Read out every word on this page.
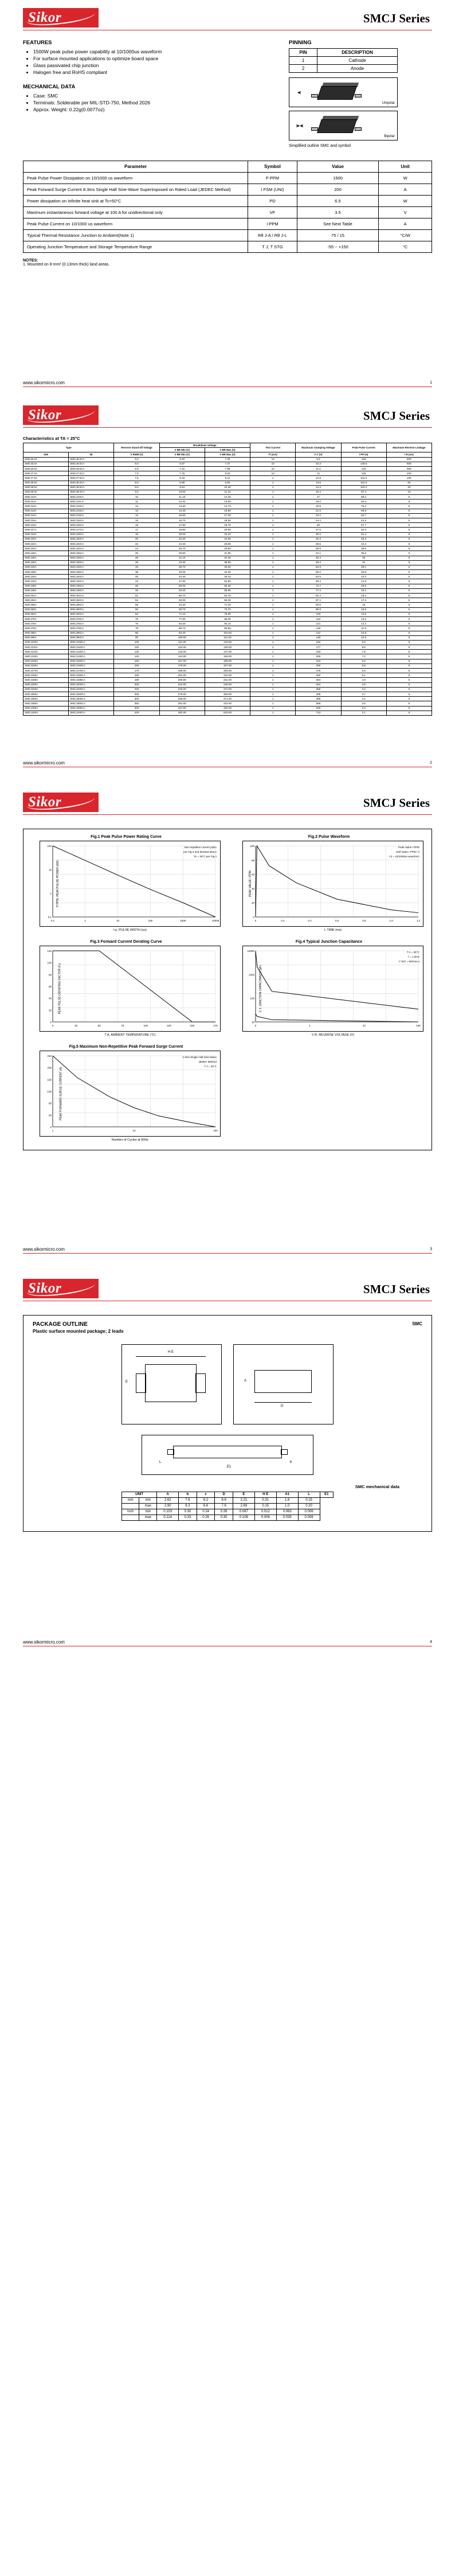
Sikor	SMCJ Series
FEATURES
• 1500W peak pulse power capability at 10/1000us waveform
• For surface mounted applications to optimize board space
• Glass passivated chip junction
• Halogen free and RoHS compliant
MECHANICAL DATA
• Case: SMC
• Terminals: Solderable per MIL-STD-750, Method 2026
• Approx. Weight: 0.22g(0.0077oz)
PINNING
PIN	DESCRIPTION
1	Cathode
2	Anode
◀|
Unipolar
|▶◀|
Bipolar
Simplified outline SMC and symbol
Parameter	Symbol	Value	Unit
Peak Pulse Power Dissipation on 10/1000 us waveform	P PPM	1500	W
Peak Forward Surge Current 8.3ms Single Half Sine-Wave Superimposed on Rated Load (JEDEC Method)	I FSM (UNI)	200	A
Power dissipation on Infinite heat sink at Tc=50°C	PD	6.5	W
Maximum instantaneous forward voltage at 100 A for unidirectional only	VF	3.5	V
Peak Pulse Current on 10/1000 us waveform	I PPM	See Next Table	A
Typical Thermal Resistance Junction to Ambient(Note 1)	Rθ J-A / Rθ J-L	75 / 15	°C/W
Operating Junction Temperature and Storage Temperature Range	T J, T STG	-55 ~ +150	°C
NOTES:
1. Mounted on 8 mm² (0.13mm thick) land areas.
www.sikormicro.com	1
Sikor	SMCJ Series
Characteristics at TA = 25°C
Type		Reverse Stand-off Voltage	Breakdown Voltage		Test Current	Maximum Clamping Voltage	Peak Pulse Current	Maximum Reverse Leakage
			V BR Min (V)	V BR Max (V)				
UNI	BI	V RWM (V)	V BR Min (V)	V BR Max (V)	IT (mA)	V C (V)	I PP (A)	I R (uA)
SMCJ5.0A	SMCJ5.0CA	5.0	6.40	7.25	10	9.2	163	800
SMCJ6.0A	SMCJ6.0CA	6.0	6.67	7.37	10	10.3	145.6	800
SMCJ6.5A	SMCJ6.5CA	6.5	7.22	7.98	10	11.2	134	500
SMCJ7.0A	SMCJ7.0CA	7.0	7.78	8.60	10	12	125	200
SMCJ7.5A	SMCJ7.5CA	7.5	8.33	9.21	1	12.9	116.3	100
SMCJ8.0A	SMCJ8.0CA	8.0	8.89	9.83	1	13.6	110.3	50
SMCJ8.5A	SMCJ8.5CA	8.5	9.44	10.40	1	14.4	104.2	20
SMCJ9.0A	SMCJ9.0CA	9.0	10.00	11.10	1	15.4	97.4	10
SMCJ10A	SMCJ10CA	10	11.10	12.30	1	17	88.2	5
SMCJ11A	SMCJ11CA	11	12.20	13.50	1	18.2	82.4	5
SMCJ12A	SMCJ12CA	12	13.30	14.70	1	19.9	75.4	5
SMCJ13A	SMCJ13CA	13	14.40	15.90	1	21.5	69.8	5
SMCJ14A	SMCJ14CA	14	15.60	17.20	1	23.2	64.7	5
SMCJ15A	SMCJ15CA	15	16.70	18.50	1	24.4	61.5	5
SMCJ16A	SMCJ16CA	16	17.80	19.70	1	26	57.7	5
SMCJ17A	SMCJ17CA	17	18.90	20.90	1	27.6	54.3	5
SMCJ18A	SMCJ18CA	18	20.00	22.10	1	29.2	51.4	5
SMCJ20A	SMCJ20CA	20	22.20	24.50	1	32.4	46.3	5
SMCJ22A	SMCJ22CA	22	24.40	26.90	1	35.5	42.3	5
SMCJ24A	SMCJ24CA	24	26.70	29.50	1	38.9	38.6	5
SMCJ26A	SMCJ26CA	26	28.90	31.90	1	42.1	35.6	5
SMCJ28A	SMCJ28CA	28	31.10	34.40	1	45.4	33	5
SMCJ30A	SMCJ30CA	30	33.30	36.80	1	48.4	31	5
SMCJ33A	SMCJ33CA	33	36.70	40.60	1	53.3	28.1	5
SMCJ36A	SMCJ36CA	36	40.00	44.20	1	58.1	25.8	5
SMCJ40A	SMCJ40CA	40	44.40	49.10	1	64.5	23.3	5
SMCJ43A	SMCJ43CA	43	47.80	52.80	1	69.4	21.6	5
SMCJ45A	SMCJ45CA	45	50.00	55.30	1	72.7	20.6	5
SMCJ48A	SMCJ48CA	48	53.30	58.90	1	77.4	19.4	5
SMCJ51A	SMCJ51CA	51	56.70	62.70	1	82.4	18.2	5
SMCJ54A	SMCJ54CA	54	60.00	66.30	1	87.1	17.2	5
SMCJ58A	SMCJ58CA	58	64.40	71.20	1	93.6	16	5
SMCJ60A	SMCJ60CA	60	66.70	73.70	1	96.8	15.5	5
SMCJ64A	SMCJ64CA	64	71.10	78.60	1	103	14.6	5
SMCJ70A	SMCJ70CA	70	77.80	86.00	1	113	13.3	5
SMCJ75A	SMCJ75CA	75	83.30	92.10	1	121	12.4	5
SMCJ78A	SMCJ78CA	78	86.70	95.80	1	126	11.9	5
SMCJ85A	SMCJ85CA	85	94.40	104.00	1	137	10.9	5
SMCJ90A	SMCJ90CA	90	100.00	111.00	1	146	10.3	5
SMCJ100A	SMCJ100CA	100	111.00	123.00	1	162	9.3	5
SMCJ110A	SMCJ110CA	110	122.00	135.00	1	177	8.5	5
SMCJ120A	SMCJ120CA	120	133.00	147.00	1	193	7.8	5
SMCJ130A	SMCJ130CA	130	144.00	159.00	1	209	7.2	5
SMCJ150A	SMCJ150CA	150	167.00	185.00	1	243	6.2	5
SMCJ160A	SMCJ160CA	160	178.00	197.00	1	259	5.8	5
SMCJ170A	SMCJ170CA	170	189.00	209.00	1	275	5.5	5
SMCJ180A	SMCJ180CA	180	201.00	222.00	1	292	5.1	5
SMCJ188A	SMCJ188CA	188	209.00	231.00	1	304	4.9	5
SMCJ200A	SMCJ200CA	200	224.00	246.00	1	324	4.6	5
SMCJ220A	SMCJ220CA	220	246.00	272.00	1	356	4.2	5
SMCJ250A	SMCJ250CA	250	279.00	309.00	1	405	3.7	5
SMCJ300A	SMCJ300CA	300	335.00	371.00	1	486	3.1	5
SMCJ350A	SMCJ350CA	350	391.00	432.00	1	568	2.6	5
SMCJ400A	SMCJ400CA	400	447.00	494.00	1	648	2.3	5
SMCJ440A	SMCJ440CA	440	492.00	543.00	1	713	2.1	5
www.sikormicro.com	2
Sikor	SMCJ Series
Fig.1 Peak Pulse Power Rating Curve
P PPM, PEAK PULSE POWER (kW)
Non-repetitive current pulse
per Fig.3 and derated above
TA = 25°C per Fig.4
0.1	1	10	100	1000	10000
0.1
1
10
100
t p, PULSE WIDTH (us)
Fig.2 Pulse Waveform
PEAK VALUE I PPM
Peak Value I PPM
Half Value I PPM / 2
t d = 10/1000us waveform
0	0.2	0.4	0.6	0.8	1.0	1.2
0
20
40
60
80
100
t, TIME (ms)
Fig.3 Forward Current Derating Curve
PEAK PULSE DERATING FACTOR (%)
0	25	50	75	100	125	150	175
0
20
40
60
80
100
120
T A, AMBIENT TEMPERATURE (°C)
Fig.4 Typical Junction Capacitance
C J, JUNCTION CAPACITANCE (pF)
T A = 25°C
f = 1 MHz
V SIG = 50mVp-p
0	1	10	100
10
100
1000
10000
V R, REVERSE VOLTAGE (V)
Fig.5 Maximum Non-Repetitive Peak Forward Surge Current
PEAK FORWARD SURGE CURRENT (A)
8.3ms Single Half Sine-Wave
JEDEC Method
T J = 25°C
1	10	100
0
40
80
120
160
200
240
Number of Cycles at 60Hz
www.sikormicro.com	3
Sikor	SMCJ Series
SMC
PACKAGE OUTLINE

Plastic surface mounted package; 2 leads

H E
E
D
A
L	b
E1
SMC mechanical data
UNIT		A	b	c	D	E	H E	A1	L	E1
mm	min	2.62	7.6	6.2	6.6	2.21	0.31	1.6	0.15	
	max	2.90	8.3	6.6	7.6	2.69	0.15	1.0	0.20	
inch	min	0.103	0.30	0.24	0.26	0.087	0.012	0.063	0.006	
	max	0.114	0.33	0.26	0.30	0.106	0.006	0.039	0.008	
www.sikormicro.com	4
